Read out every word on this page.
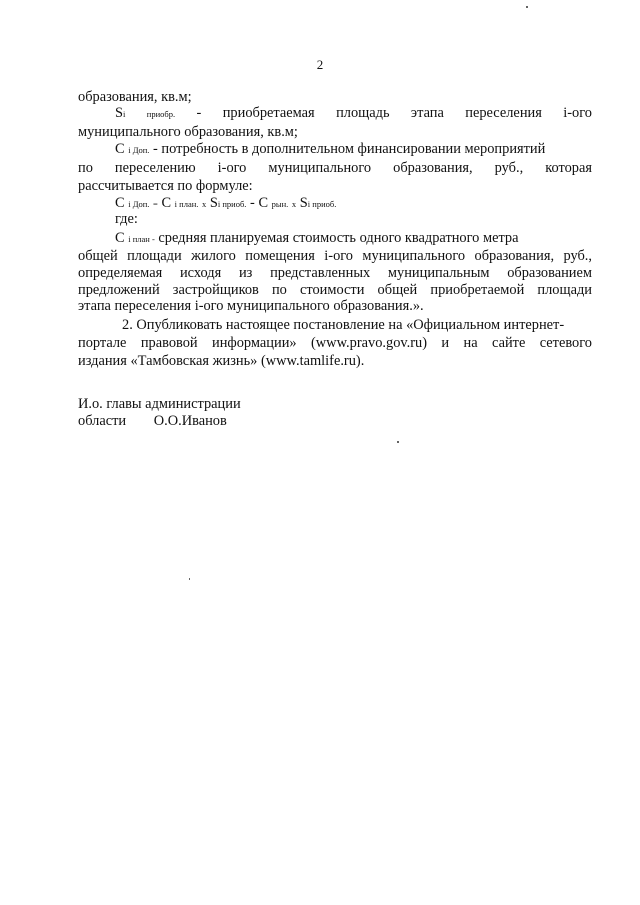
2
образования, кв.м;
Si	приобр. - приобретаемая площадь этапа переселения i-ого
муниципального образования, кв.м;
С i Доп. - потребность в дополнительном финансировании мероприятий
по переселению i-ого муниципального образования, руб., которая
рассчитывается по формуле:
С i Доп. = С i план. х Si приоб. - С рын. х Si приоб.
где:
С i план - средняя планируемая стоимость одного квадратного метра
общей площади жилого помещения i-ого муниципального образования, руб.,
определяемая исходя из представленных муниципальным образованием
предложений застройщиков по стоимости общей приобретаемой площади
этапа переселения i-ого муниципального образования.».
2. Опубликовать настоящее постановление на «Официальном интернет-
портале правовой информации» (www.pravo.gov.ru) и на сайте сетевого
издания «Тамбовская жизнь» (www.tamlife.ru).
И.о. главы администрации
области О.О.Иванов
